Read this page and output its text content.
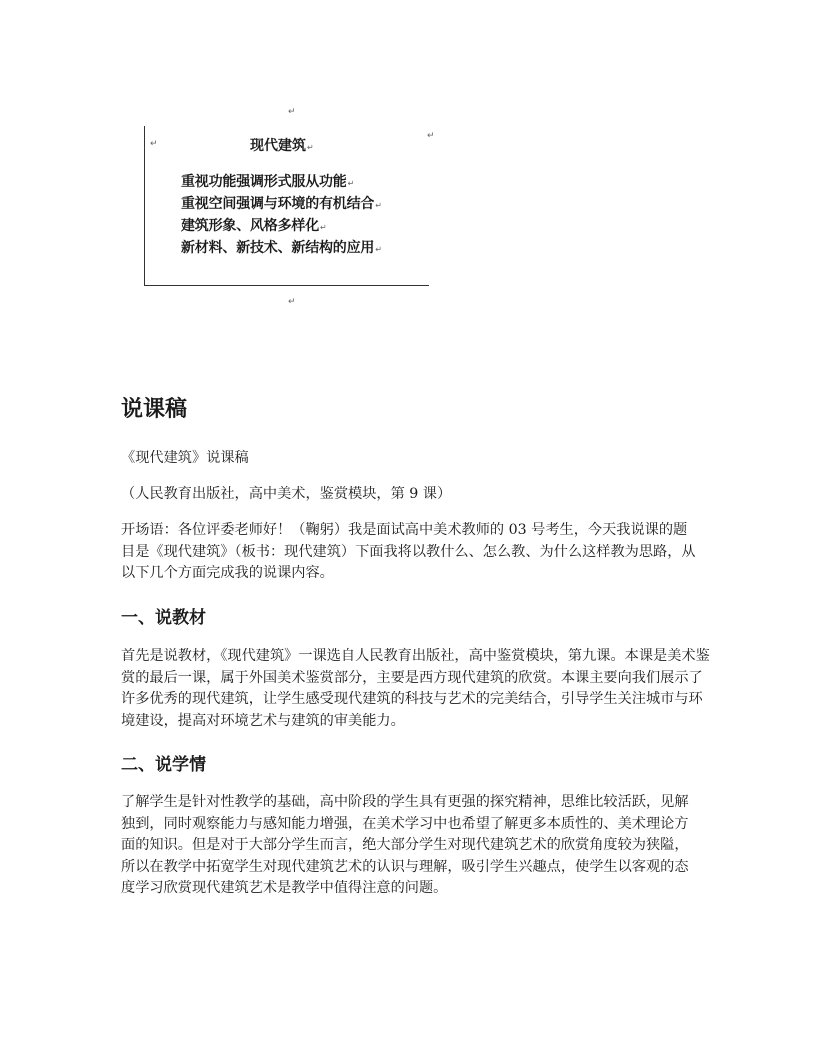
↵
↵
↵
现代建筑↵
重视功能强调形式服从功能↵
重视空间强调与环境的有机结合↵
建筑形象、风格多样化↵
新材料、新技术、新结构的应用↵
↵
说课稿

《现代建筑》说课稿

（人民教育出版社，高中美术，鉴赏模块，第 9 课）

开场语：各位评委老师好！（鞠躬）我是面试高中美术教师的 03 号考生，今天我说课的题目是《现代建筑》（板书：现代建筑）下面我将以教什么、怎么教、为什么这样教为思路，从以下几个方面完成我的说课内容。

一、说教材

首先是说教材，《现代建筑》一课选自人民教育出版社，高中鉴赏模块，第九课。本课是美术鉴赏的最后一课，属于外国美术鉴赏部分，主要是西方现代建筑的欣赏。本课主要向我们展示了许多优秀的现代建筑，让学生感受现代建筑的科技与艺术的完美结合，引导学生关注城市与环境建设，提高对环境艺术与建筑的审美能力。

二、说学情

了解学生是针对性教学的基础，高中阶段的学生具有更强的探究精神，思维比较活跃，见解独到，同时观察能力与感知能力增强，在美术学习中也希望了解更多本质性的、美术理论方面的知识。但是对于大部分学生而言，绝大部分学生对现代建筑艺术的欣赏角度较为狭隘，所以在教学中拓宽学生对现代建筑艺术的认识与理解，吸引学生兴趣点，使学生以客观的态度学习欣赏现代建筑艺术是教学中值得注意的问题。
